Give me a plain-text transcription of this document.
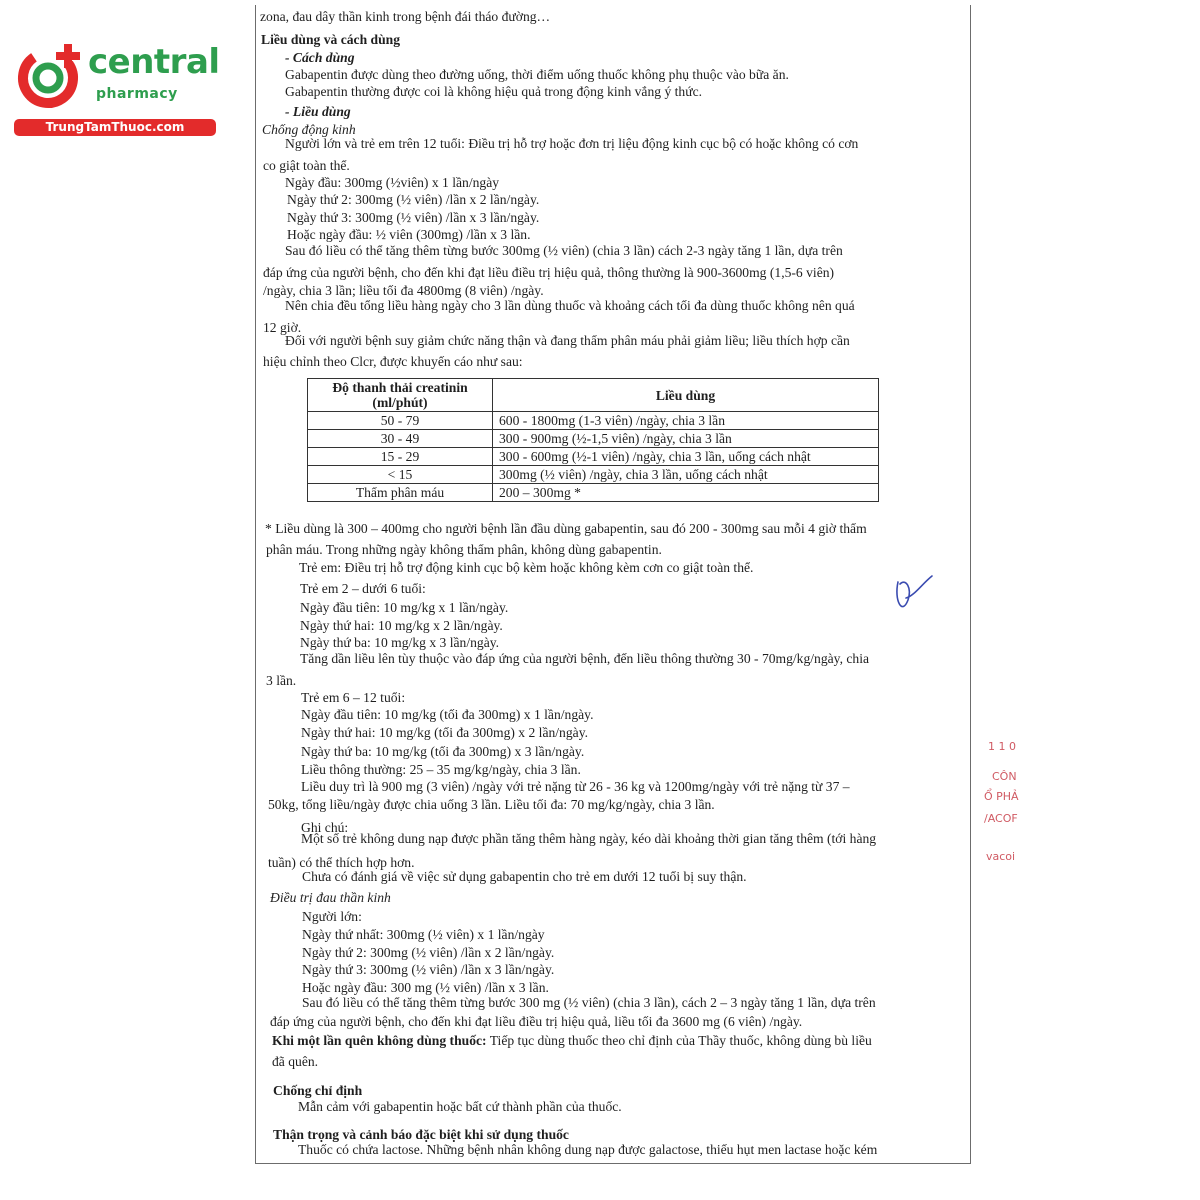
central
pharmacy
TrungTamThuoc.com
zona, đau dây thần kinh trong bệnh đái tháo đường…
Liều dùng và cách dùng
- Cách dùng
Gabapentin được dùng theo đường uống, thời điểm uống thuốc không phụ thuộc vào bữa ăn.
Gabapentin thường được coi là không hiệu quả trong động kinh vắng ý thức.
- Liều dùng
Chống động kinh
Người lớn và trẻ em trên 12 tuổi: Điều trị hỗ trợ hoặc đơn trị liệu động kinh cục bộ có hoặc không có cơn
co giật toàn thể.
Ngày đầu: 300mg (½viên) x 1 lần/ngày
Ngày thứ 2: 300mg (½ viên) /lần x 2 lần/ngày.
Ngày thứ 3: 300mg (½ viên) /lần x 3 lần/ngày.
Hoặc ngày đầu: ½ viên (300mg) /lần x 3 lần.
Sau đó liều có thể tăng thêm từng bước 300mg (½ viên) (chia 3 lần) cách 2-3 ngày tăng 1 lần, dựa trên
đáp ứng của người bệnh, cho đến khi đạt liều điều trị hiệu quả, thông thường là 900-3600mg (1,5-6 viên)
/ngày, chia 3 lần; liều tối đa 4800mg (8 viên) /ngày.
Nên chia đều tổng liều hàng ngày cho 3 lần dùng thuốc và khoảng cách tối đa dùng thuốc không nên quá
12 giờ.
Đối với người bệnh suy giảm chức năng thận và đang thẩm phân máu phải giảm liều; liều thích hợp cần
hiệu chỉnh theo Clcr, được khuyến cáo như sau:
Độ thanh thải creatinin (ml/phút)	Liều dùng
50 - 79	600 - 1800mg (1-3 viên) /ngày, chia 3 lần
30 - 49	300 - 900mg (½-1,5 viên) /ngày, chia 3 lần
15 - 29	300 - 600mg (½-1 viên) /ngày, chia 3 lần, uống cách nhật
< 15	300mg (½ viên) /ngày, chia 3 lần, uống cách nhật
Thẩm phân máu	200 – 300mg *
* Liều dùng là 300 – 400mg cho người bệnh lần đầu dùng gabapentin, sau đó 200 - 300mg sau mỗi 4 giờ thẩm
phân máu. Trong những ngày không thẩm phân, không dùng gabapentin.
Trẻ em: Điều trị hỗ trợ động kinh cục bộ kèm hoặc không kèm cơn co giật toàn thể.
Trẻ em 2 – dưới 6 tuổi:
Ngày đầu tiên: 10 mg/kg x 1 lần/ngày.
Ngày thứ hai: 10 mg/kg x 2 lần/ngày.
Ngày thứ ba: 10 mg/kg x 3 lần/ngày.
Tăng dần liều lên tùy thuộc vào đáp ứng của người bệnh, đến liều thông thường 30 - 70mg/kg/ngày, chia
3 lần.
Trẻ em 6 – 12 tuổi:
Ngày đầu tiên: 10 mg/kg (tối đa 300mg) x 1 lần/ngày.
Ngày thứ hai: 10 mg/kg (tối đa 300mg) x 2 lần/ngày.
Ngày thứ ba: 10 mg/kg (tối đa 300mg) x 3 lần/ngày.
Liều thông thường: 25 – 35 mg/kg/ngày, chia 3 lần.
Liều duy trì là 900 mg (3 viên) /ngày với trẻ nặng từ 26 - 36 kg và 1200mg/ngày với trẻ nặng từ 37 –
50kg, tổng liều/ngày được chia uống 3 lần. Liều tối đa: 70 mg/kg/ngày, chia 3 lần.
Ghi chú:
Một số trẻ không dung nạp được phần tăng thêm hàng ngày, kéo dài khoảng thời gian tăng thêm (tới hàng
tuần) có thể thích hợp hơn.
Chưa có đánh giá về việc sử dụng gabapentin cho trẻ em dưới 12 tuổi bị suy thận.
Điều trị đau thần kinh
Người lớn:
Ngày thứ nhất: 300mg (½ viên) x 1 lần/ngày
Ngày thứ 2: 300mg (½ viên) /lần x 2 lần/ngày.
Ngày thứ 3: 300mg (½ viên) /lần x 3 lần/ngày.
Hoặc ngày đầu: 300 mg (½ viên) /lần x 3 lần.
Sau đó liều có thể tăng thêm từng bước 300 mg (½ viên) (chia 3 lần), cách 2 – 3 ngày tăng 1 lần, dựa trên
đáp ứng của người bệnh, cho đến khi đạt liều điều trị hiệu quả, liều tối đa 3600 mg (6 viên) /ngày.
Khi một lần quên không dùng thuốc: Tiếp tục dùng thuốc theo chỉ định của Thầy thuốc, không dùng bù liều
đã quên.
Chống chỉ định
Mẫn cảm với gabapentin hoặc bất cứ thành phần của thuốc.
Thận trọng và cảnh báo đặc biệt khi sử dụng thuốc
Thuốc có chứa lactose. Những bệnh nhân không dung nạp được galactose, thiếu hụt men lactase hoặc kém
1 1 0
CÔN
Ổ PHẢ
/ACOF
vacoi
